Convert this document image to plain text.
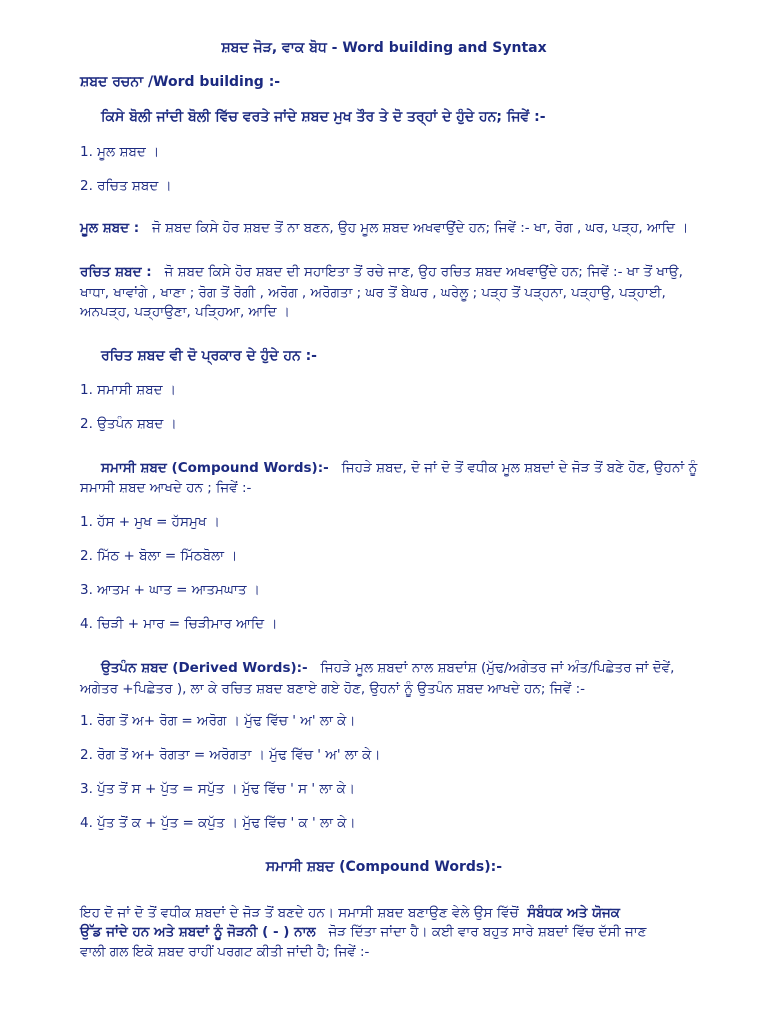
ਸ਼ਬਦ ਜੋੜ, ਵਾਕ ਬੋਧ - Word building and Syntax
ਸ਼ਬਦ ਰਚਨਾ /Word building :-
ਕਿਸੇ ਬੋਲੀ ਜਾਂਦੀ ਬੋਲੀ ਵਿੱਚ ਵਰਤੇ ਜਾਂਦੇ ਸ਼ਬਦ ਮੁਖ ਤੌਰ ਤੇ ਦੋ ਤਰ੍ਹਾਂ ਦੇ ਹੁੰਦੇ ਹਨ; ਜਿਵੇਂ :-
1. ਮੂਲ ਸ਼ਬਦ ।
2. ਰਚਿਤ ਸ਼ਬਦ ।
ਮੂਲ ਸ਼ਬਦ : ਜੋ ਸ਼ਬਦ ਕਿਸੇ ਹੋਰ ਸ਼ਬਦ ਤੋਂ ਨਾ ਬਣਨ, ਉਹ ਮੂਲ ਸ਼ਬਦ ਅਖਵਾਉਂਦੇ ਹਨ; ਜਿਵੇਂ :- ਖਾ, ਰੋਗ , ਘਰ, ਪੜ੍ਹ, ਆਦਿ ।
ਰਚਿਤ ਸ਼ਬਦ : ਜੋ ਸ਼ਬਦ ਕਿਸੇ ਹੋਰ ਸ਼ਬਦ ਦੀ ਸਹਾਇਤਾ ਤੋਂ ਰਚੇ ਜਾਣ, ਉਹ ਰਚਿਤ ਸ਼ਬਦ ਅਖਵਾਉਂਦੇ ਹਨ; ਜਿਵੇਂ :- ਖਾ ਤੋਂ ਖਾਉ,
ਖਾਧਾ, ਖਾਵਾਂਗੇ , ਖਾਣਾ ; ਰੋਗ ਤੋਂ ਰੋਗੀ , ਅਰੋਗ , ਅਰੋਗਤਾ ; ਘਰ ਤੋਂ ਬੇਘਰ , ਘਰੇਲੂ ; ਪੜ੍ਹ ਤੋਂ ਪੜ੍ਹਨਾ, ਪੜ੍ਹਾਉ, ਪੜ੍ਹਾਈ,
ਅਨਪੜ੍ਹ, ਪੜ੍ਹਾਉਣਾ, ਪੜ੍ਹਿਆ, ਆਦਿ ।
ਰਚਿਤ ਸ਼ਬਦ ਵੀ ਦੋ ਪ੍ਰਕਾਰ ਦੇ ਹੁੰਦੇ ਹਨ :-
1. ਸਮਾਸੀ ਸ਼ਬਦ ।
2. ਉਤਪੰਨ ਸ਼ਬਦ ।
ਸਮਾਸੀ ਸ਼ਬਦ (Compound Words):- ਜਿਹੜੇ ਸ਼ਬਦ, ਦੋ ਜਾਂ ਦੋ ਤੋਂ ਵਧੀਕ ਮੂਲ ਸ਼ਬਦਾਂ ਦੇ ਜੋੜ ਤੋਂ ਬਣੇ ਹੋਣ, ਉਹਨਾਂ ਨੂੰ
ਸਮਾਸੀ ਸ਼ਬਦ ਆਖਦੇ ਹਨ ; ਜਿਵੇਂ :-
1. ਹੱਸ + ਮੁਖ = ਹੱਸਮੁਖ ।
2. ਮਿੱਠ + ਬੋਲਾ = ਮਿੱਠਬੋਲਾ ।
3. ਆਤਮ + ਘਾਤ = ਆਤਮਘਾਤ ।
4. ਚਿੜੀ + ਮਾਰ = ਚਿੜੀਮਾਰ ਆਦਿ ।
ਉਤਪੰਨ ਸ਼ਬਦ (Derived Words):- ਜਿਹੜੇ ਮੂਲ ਸ਼ਬਦਾਂ ਨਾਲ ਸ਼ਬਦਾਂਸ਼ (ਮੁੱਢ/ਅਗੇਤਰ ਜਾਂ ਅੰਤ/ਪਿਛੇਤਰ ਜਾਂ ਦੋਵੇਂ,
ਅਗੇਤਰ +ਪਿਛੇਤਰ ), ਲਾ ਕੇ ਰਚਿਤ ਸ਼ਬਦ ਬਣਾਏ ਗਏ ਹੋਣ, ਉਹਨਾਂ ਨੂੰ ਉਤਪੰਨ ਸ਼ਬਦ ਆਖਦੇ ਹਨ; ਜਿਵੇਂ :-
1. ਰੋਗ ਤੋਂ ਅ+ ਰੋਗ = ਅਰੋਗ । ਮੁੱਢ ਵਿੱਚ ' ਅ' ਲਾ ਕੇ।
2. ਰੋਗ ਤੋਂ ਅ+ ਰੋਗਤਾ = ਅਰੋਗਤਾ । ਮੁੱਢ ਵਿੱਚ ' ਅ' ਲਾ ਕੇ।
3. ਪੁੱਤ ਤੋਂ ਸ + ਪੁੱਤ = ਸਪੁੱਤ । ਮੁੱਢ ਵਿੱਚ ' ਸ ' ਲਾ ਕੇ।
4. ਪੁੱਤ ਤੋਂ ਕ + ਪੁੱਤ = ਕਪੁੱਤ । ਮੁੱਢ ਵਿੱਚ ' ਕ ' ਲਾ ਕੇ।
ਸਮਾਸੀ ਸ਼ਬਦ (Compound Words):-
ਇਹ ਦੋ ਜਾਂ ਦੋ ਤੋਂ ਵਧੀਕ ਸ਼ਬਦਾਂ ਦੇ ਜੋੜ ਤੋਂ ਬਣਦੇ ਹਨ। ਸਮਾਸੀ ਸ਼ਬਦ ਬਣਾਉਣ ਵੇਲੇ ਉਸ ਵਿੱਚੋਂ ਸੰਬੰਧਕ ਅਤੇ ਯੋਜਕ
ਉੱਡ ਜਾਂਦੇ ਹਨ ਅਤੇ ਸ਼ਬਦਾਂ ਨੂੰ ਜੋੜਨੀ ( - ) ਨਾਲ ਜੋੜ ਦਿੱਤਾ ਜਾਂਦਾ ਹੈ। ਕਈ ਵਾਰ ਬਹੁਤ ਸਾਰੇ ਸ਼ਬਦਾਂ ਵਿੱਚ ਦੱਸੀ ਜਾਣ
ਵਾਲੀ ਗਲ ਇਕੋ ਸ਼ਬਦ ਰਾਹੀਂ ਪਰਗਟ ਕੀਤੀ ਜਾਂਦੀ ਹੈ; ਜਿਵੇਂ :-
